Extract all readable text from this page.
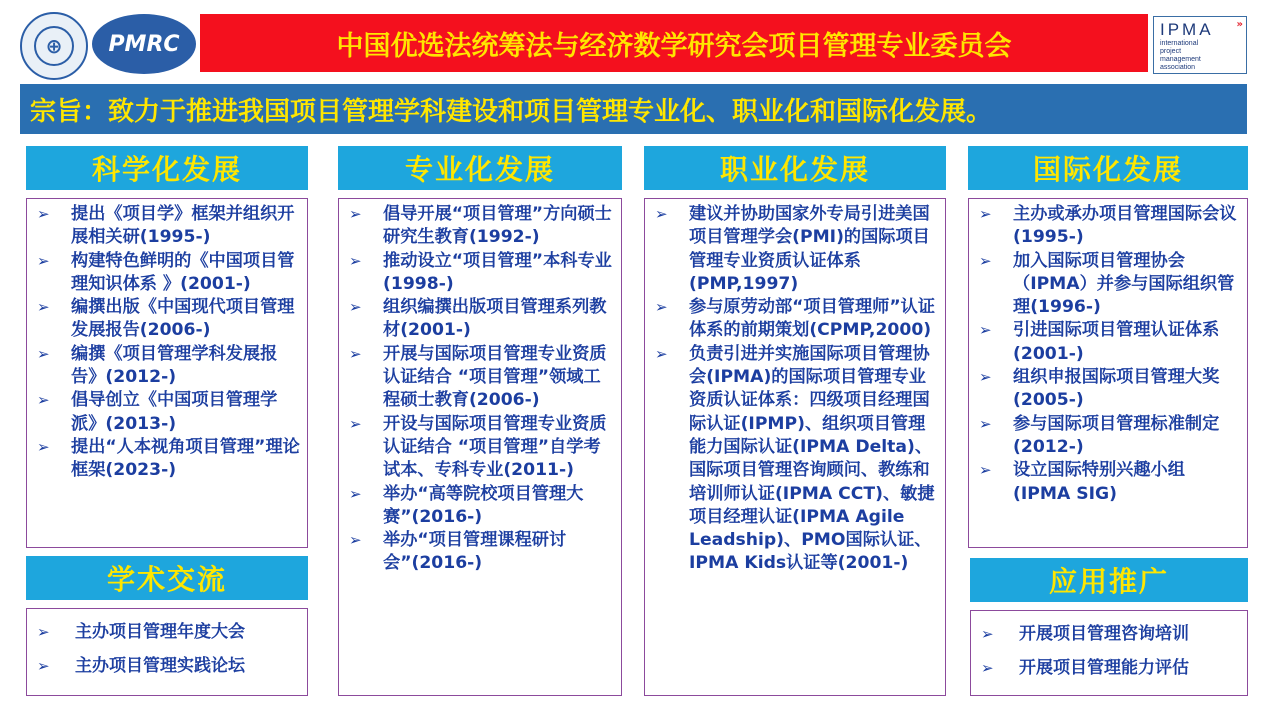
⊕	PMRC	中国优选法统筹法与经济数学研究会项目管理专业委员会
»
IPMA
international
project
management
association
宗旨：致力于推进我国项目管理学科建设和项目管理专业化、职业化和国际化发展。
科学化发展
➢ 提出《项目学》框架并组织开展相关研(1995-)
➢ 构建特色鲜明的《中国项目管理知识体系 》(2001-)
➢ 编撰出版《中国现代项目管理发展报告(2006-)
➢ 编撰《项目管理学科发展报告》(2012-)
➢ 倡导创立《中国项目管理学派》(2013-)
➢ 提出“人本视角项目管理”理论框架(2023-)
学术交流
➢ 主办项目管理年度大会
➢ 主办项目管理实践论坛
专业化发展
➢ 倡导开展“项目管理”方向硕士研究生教育(1992-)
➢ 推动设立“项目管理”本科专业(1998-)
➢ 组织编撰出版项目管理系列教材(2001-)
➢ 开展与国际项目管理专业资质认证结合 “项目管理”领域工程硕士教育(2006-)
➢ 开设与国际项目管理专业资质认证结合 “项目管理”自学考试本、专科专业(2011-)
➢ 举办“高等院校项目管理大赛”(2016-)
➢ 举办“项目管理课程研讨会”(2016-)
职业化发展
➢ 建议并协助国家外专局引进美国项目管理学会(PMI)的国际项目管理专业资质认证体系(PMP,1997)
➢ 参与原劳动部“项目管理师”认证体系的前期策划(CPMP,2000)
➢ 负责引进并实施国际项目管理协会(IPMA)的国际项目管理专业资质认证体系：四级项目经理国际认证(IPMP)、组织项目管理能力国际认证(IPMA Delta)、国际项目管理咨询顾问、教练和培训师认证(IPMA CCT)、敏捷项目经理认证(IPMA Agile Leadship)、PMO国际认证、IPMA Kids认证等(2001-)
国际化发展
➢ 主办或承办项目管理国际会议(1995-)
➢ 加入国际项目管理协会（IPMA）并参与国际组织管理(1996-)
➢ 引进国际项目管理认证体系(2001-)
➢ 组织申报国际项目管理大奖(2005-)
➢ 参与国际项目管理标准制定(2012-)
➢ 设立国际特别兴趣小组(IPMA SIG)
应用推广
➢ 开展项目管理咨询培训
➢ 开展项目管理能力评估
